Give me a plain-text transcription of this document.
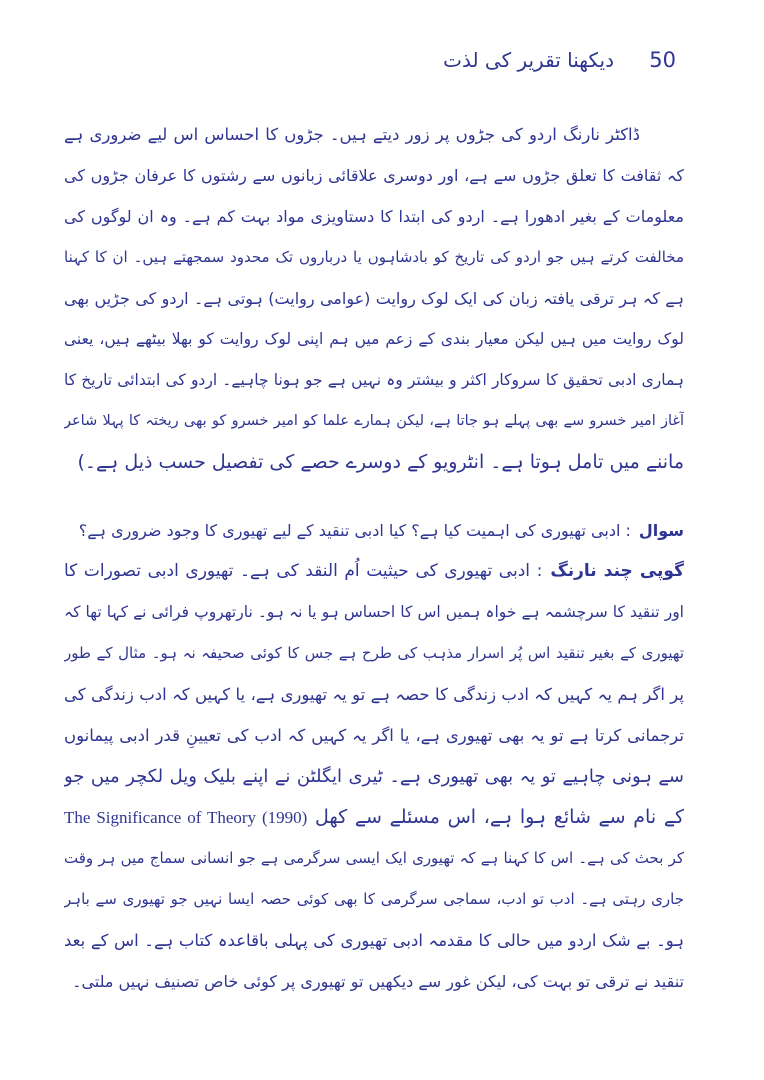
دیکھنا تقریر کی لذت 50
ڈاکٹر نارنگ اردو کی جڑوں پر زور دیتے ہیں۔ جڑوں کا احساس اس لیے ضروری ہے
کہ ثقافت کا تعلق جڑوں سے ہے، اور دوسری علاقائی زبانوں سے رشتوں کا عرفان جڑوں کی
معلومات کے بغیر ادھورا ہے۔ اردو کی ابتدا کا دستاویزی مواد بہت کم ہے۔ وہ ان لوگوں کی
مخالفت کرتے ہیں جو اردو کی تاریخ کو بادشاہوں یا درباروں تک محدود سمجھتے ہیں۔ ان کا کہنا
ہے کہ ہر ترقی یافتہ زبان کی ایک لوک روایت (عوامی روایت) ہوتی ہے۔ اردو کی جڑیں بھی
لوک روایت میں ہیں لیکن معیار بندی کے زعم میں ہم اپنی لوک روایت کو بھلا بیٹھے ہیں، یعنی
ہماری ادبی تحقیق کا سروکار اکثر و بیشتر وہ نہیں ہے جو ہونا چاہیے۔ اردو کی ابتدائی تاریخ کا
آغاز امیر خسرو سے بھی پہلے ہو جاتا ہے، لیکن ہمارے علما کو امیر خسرو کو بھی ریختہ کا پہلا شاعر
ماننے میں تامل ہوتا ہے۔ انٹرویو کے دوسرے حصے کی تفصیل حسب ذیل ہے۔)
سوال: ادبی تھیوری کی اہمیت کیا ہے؟ کیا ادبی تنقید کے لیے تھیوری کا وجود ضروری ہے؟
گوپی چند نارنگ: ادبی تھیوری کی حیثیت اُم النقد کی ہے۔ تھیوری ادبی تصورات کا
اور تنقید کا سرچشمہ ہے خواہ ہمیں اس کا احساس ہو یا نہ ہو۔ نارتھروپ فرائی نے کہا تھا کہ
تھیوری کے بغیر تنقید اس پُر اسرار مذہب کی طرح ہے جس کا کوئی صحیفہ نہ ہو۔ مثال کے طور
پر اگر ہم یہ کہیں کہ ادب زندگی کا حصہ ہے تو یہ تھیوری ہے، یا کہیں کہ ادب زندگی کی
ترجمانی کرتا ہے تو یہ بھی تھیوری ہے، یا اگر یہ کہیں کہ ادب کی تعیینِ قدر ادبی پیمانوں
سے ہونی چاہیے تو یہ بھی تھیوری ہے۔ ٹیری ایگلٹن نے اپنے بلیک ویل لکچر میں جو
کے نام سے شائع ہوا ہے، اس مسئلے سے کھل The Significance of Theory (1990)
کر بحث کی ہے۔ اس کا کہنا ہے کہ تھیوری ایک ایسی سرگرمی ہے جو انسانی سماج میں ہر وقت
جاری رہتی ہے۔ ادب تو ادب، سماجی سرگرمی کا بھی کوئی حصہ ایسا نہیں جو تھیوری سے باہر
ہو۔ بے شک اردو میں حالی کا مقدمہ ادبی تھیوری کی پہلی باقاعدہ کتاب ہے۔ اس کے بعد
تنقید نے ترقی تو بہت کی، لیکن غور سے دیکھیں تو تھیوری پر کوئی خاص تصنیف نہیں ملتی۔
